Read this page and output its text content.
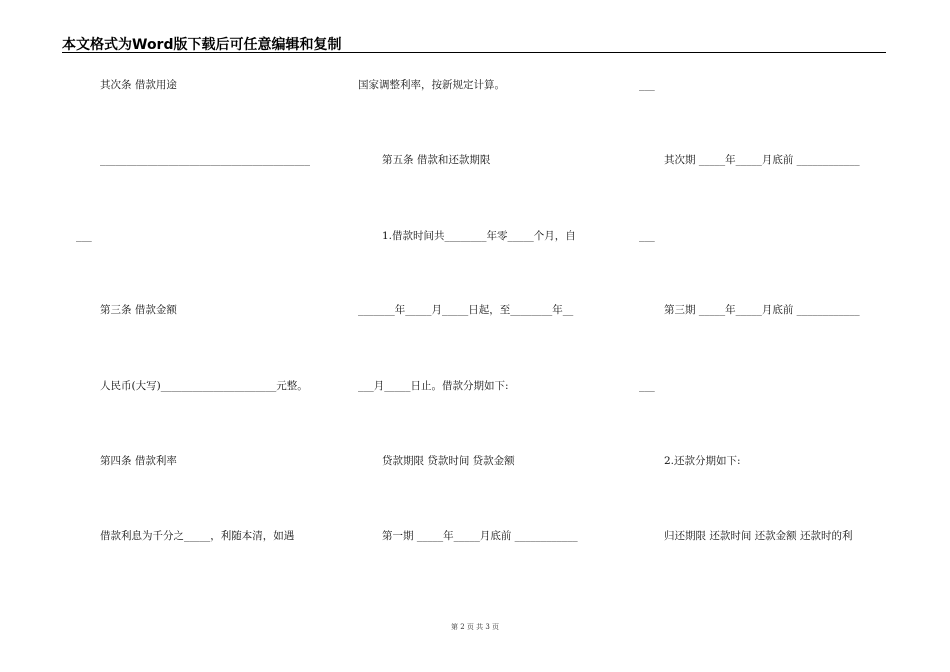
本文格式为Word版下载后可任意编辑和复制
其次条 借款用途
________________________________________
___
第三条 借款金额
人民币(大写)______________________元整。
第四条 借款利率
借款利息为千分之_____，利随本清，如遇
国家调整利率，按新规定计算。
第五条 借款和还款期限
1.借款时间共________年零_____个月，自
_______年_____月_____日起，至________年__
___月_____日止。借款分期如下:
贷款期限 贷款时间 贷款金额
第一期 _____年_____月底前 ____________
___
其次期 _____年_____月底前 ____________
___
第三期 _____年_____月底前 ____________
___
2.还款分期如下:
归还期限 还款时间 还款金额 还款时的利
第 2 页 共 3 页
